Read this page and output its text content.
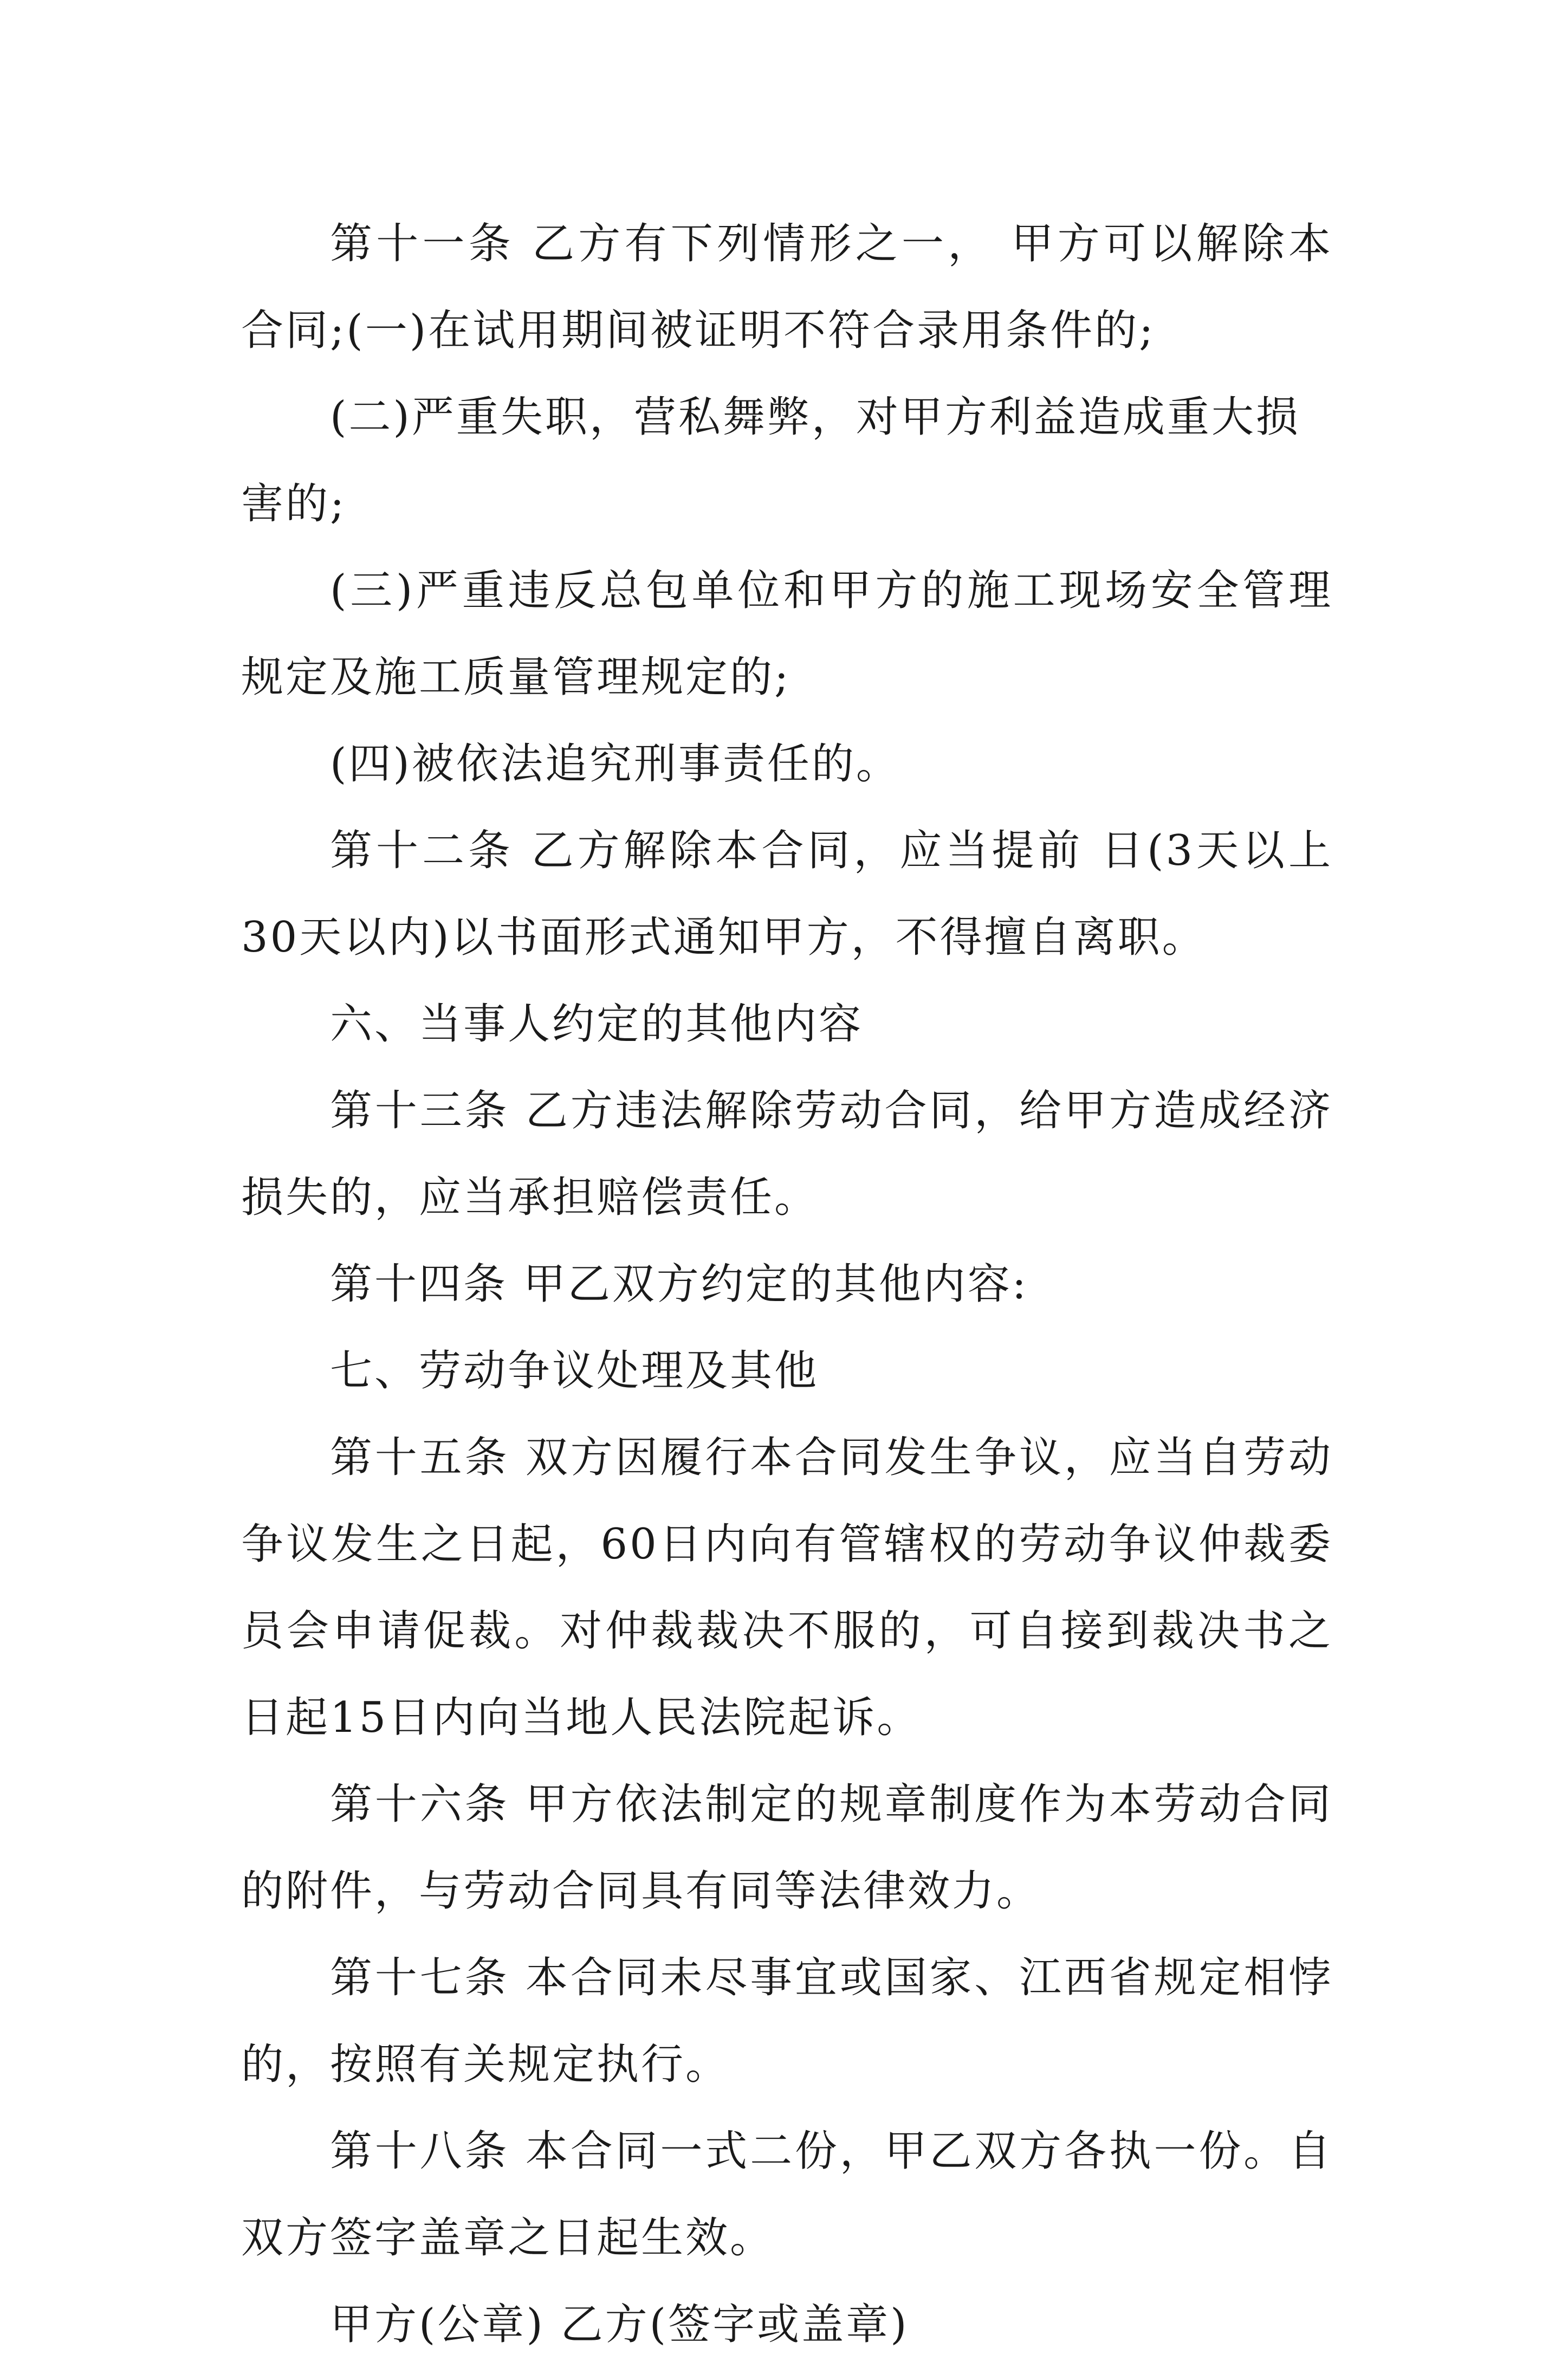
第十一条 乙方有下列情形之一， 甲方可以解除本合同;(一)在试用期间被证明不符合录用条件的;

(二)严重失职，营私舞弊，对甲方利益造成重大损害的;

(三)严重违反总包单位和甲方的施工现场安全管理规定及施工质量管理规定的;

(四)被依法追究刑事责任的。

第十二条 乙方解除本合同，应当提前 日(3天以上30天以内)以书面形式通知甲方，不得擅自离职。

六、当事人约定的其他内容

第十三条 乙方违法解除劳动合同，给甲方造成经济损失的，应当承担赔偿责任。

第十四条 甲乙双方约定的其他内容:

七、劳动争议处理及其他

第十五条 双方因履行本合同发生争议，应当自劳动争议发生之日起，60日内向有管辖权的劳动争议仲裁委员会申请促裁。对仲裁裁决不服的，可自接到裁决书之日起15日内向当地人民法院起诉。

第十六条 甲方依法制定的规章制度作为本劳动合同的附件，与劳动合同具有同等法律效力。

第十七条 本合同未尽事宜或国家、江西省规定相悖的，按照有关规定执行。

第十八条 本合同一式二份，甲乙双方各执一份。自双方签字盖章之日起生效。

甲方(公章) 乙方(签字或盖章)
